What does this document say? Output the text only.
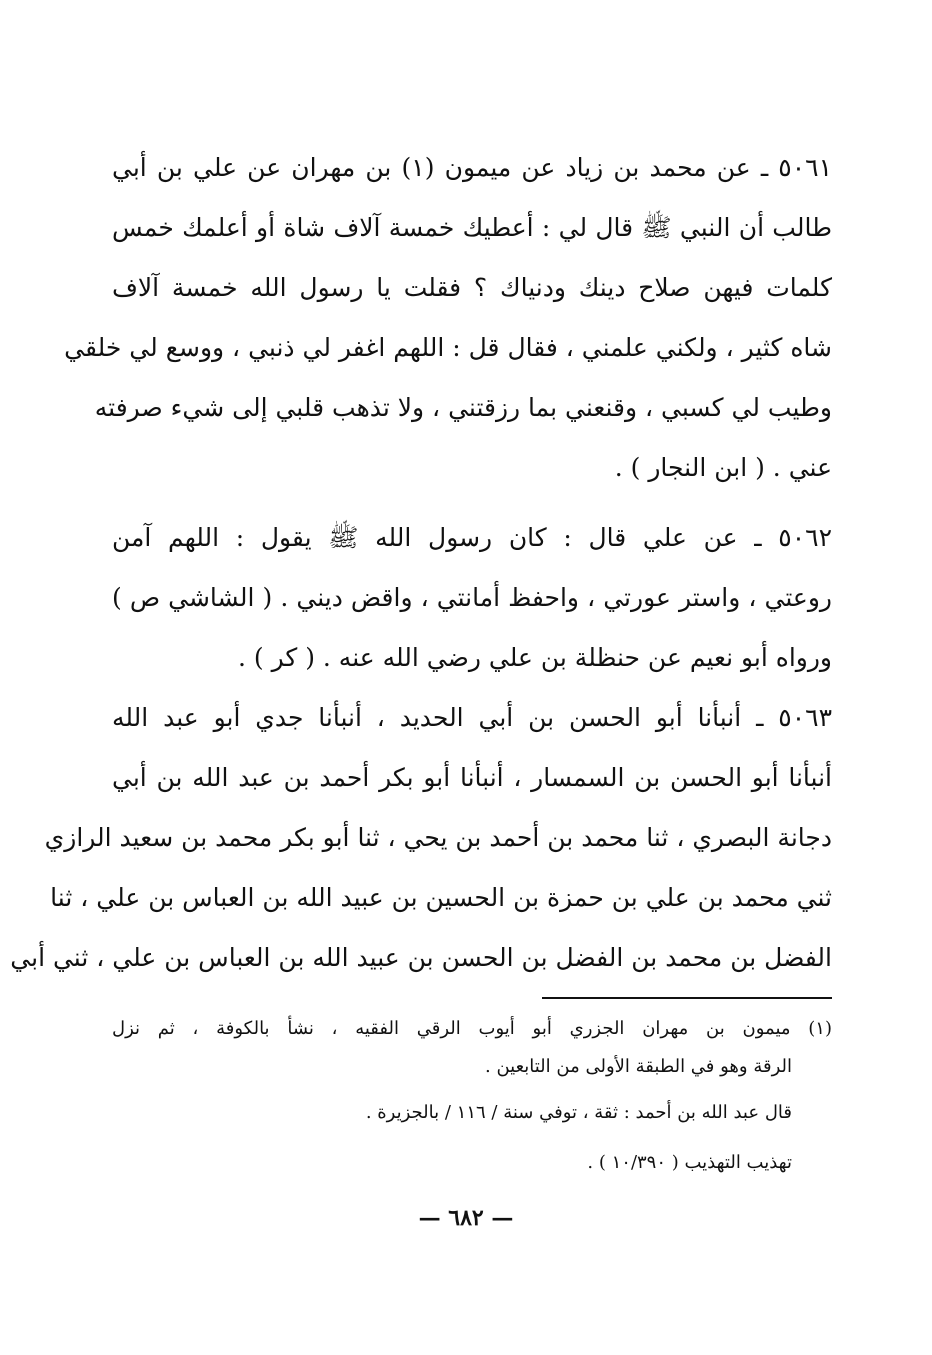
٥٠٦١ ـ عن محمد بن زياد عن ميمون (١) بن مهران عن علي بن أبي
طالب أن النبي ﷺ قال لي : أعطيك خمسة آلاف شاة أو أعلمك خمس
كلمات فيهن صلاح دينك ودنياك ؟ فقلت يا رسول الله خمسة آلاف
شاه كثير ، ولكني علمني ، فقال قل : اللهم اغفر لي ذنبي ، ووسع لي خلقي
وطيب لي كسبي ، وقنعني بما رزقتني ، ولا تذهب قلبي إلى شيء صرفته
عني . ( ابن النجار ) .
٥٠٦٢ ـ عن علي قال : كان رسول الله ﷺ يقول : اللهم آمن
روعتي ، واستر عورتي ، واحفظ أمانتي ، واقض ديني . ( الشاشي ص )
ورواه أبو نعيم عن حنظلة بن علي رضي الله عنه . ( كر ) .
٥٠٦٣ ـ أنبأنا أبو الحسن بن أبي الحديد ، أنبأنا جدي أبو عبد الله
أنبأنا أبو الحسن بن السمسار ، أنبأنا أبو بكر أحمد بن عبد الله بن أبي
دجانة البصري ، ثنا محمد بن أحمد بن يحي ، ثنا أبو بكر محمد بن سعيد الرازي
ثني محمد بن علي بن حمزة بن الحسين بن عبيد الله بن العباس بن علي ، ثنا
الفضل بن محمد بن الفضل بن الحسن بن عبيد الله بن العباس بن علي ، ثني أبي
(١) ميمون بن مهران الجزري أبو أيوب الرقي الفقيه ، نشأ بالكوفة ، ثم نزل
الرقة وهو في الطبقة الأولى من التابعين .
قال عبد الله بن أحمد : ثقة ، توفي سنة / ١١٦ / بالجزيرة .
تهذيب التهذيب ( ١٠/٣٩٠ ) .
— ٦٨٢ —
